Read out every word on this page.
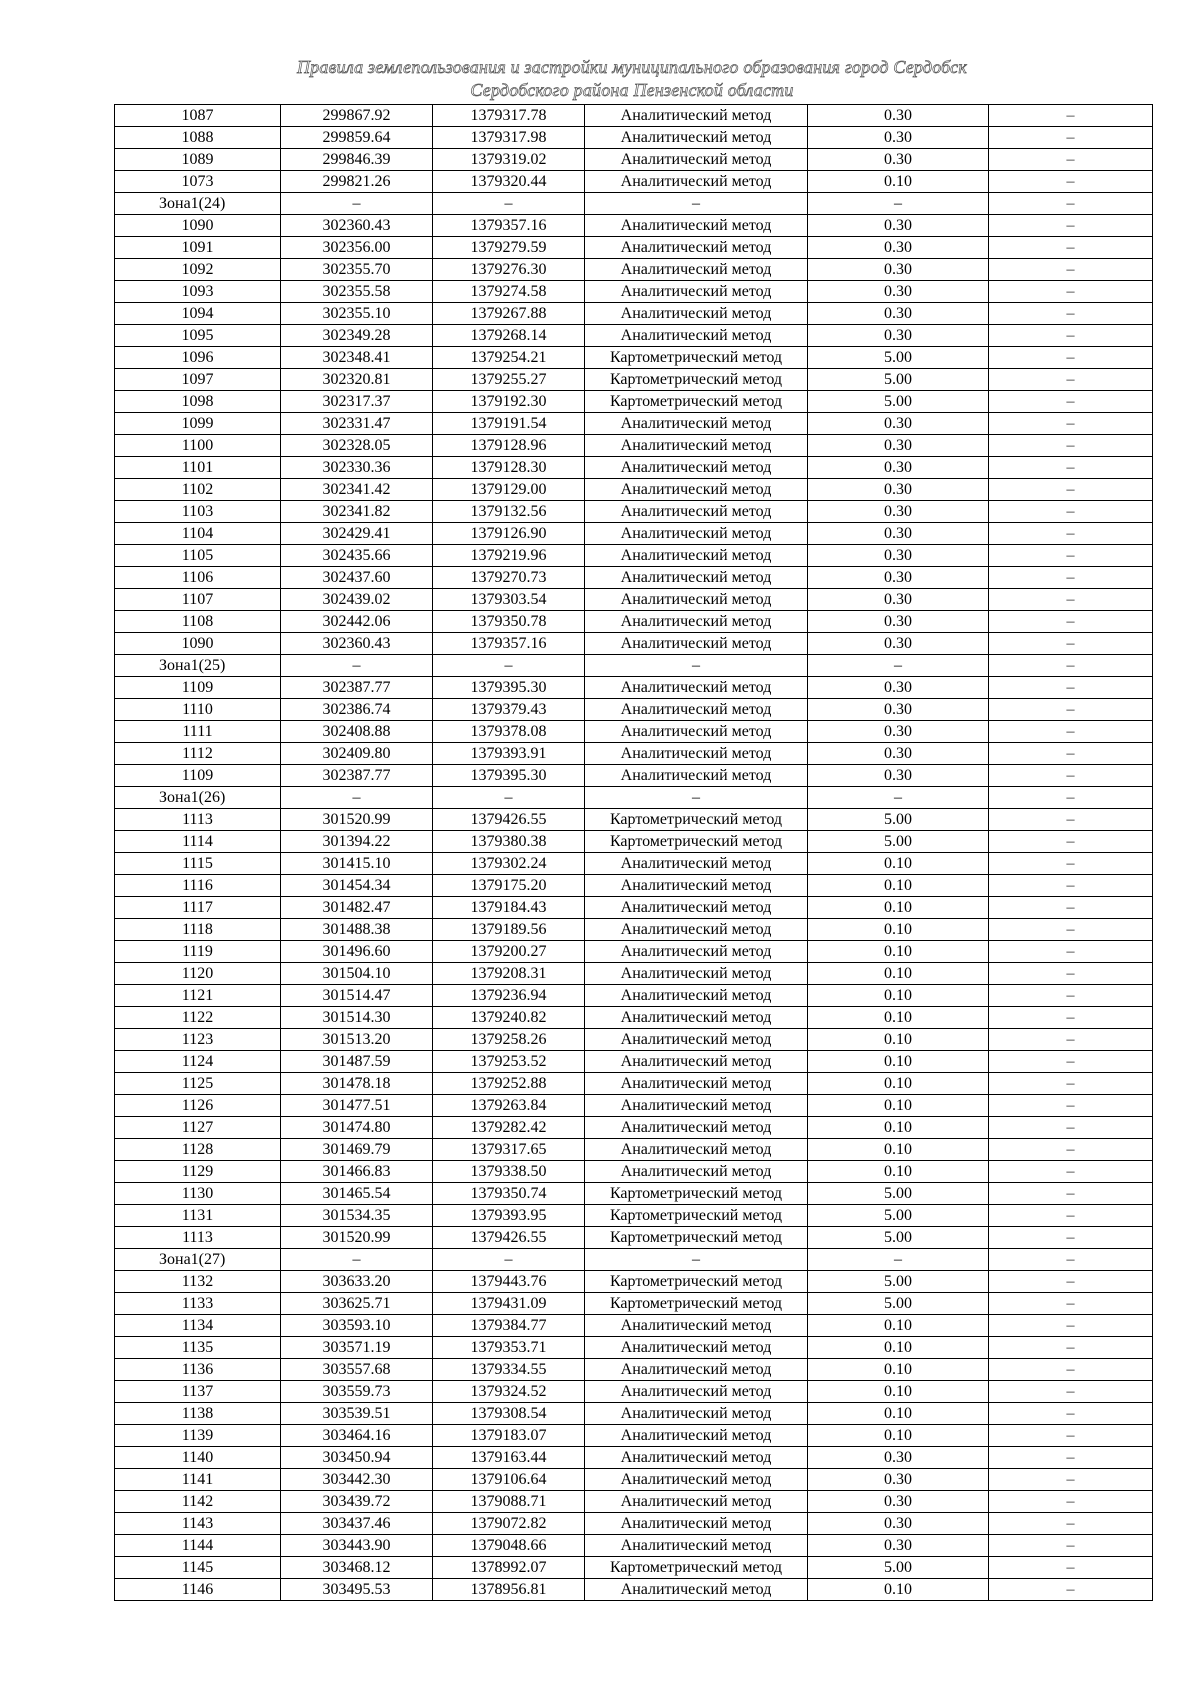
Правила землепользования и застройки муниципального образования город Сердобск
Сердобского района Пензенской области
1087	299867.92	1379317.78	Аналитический метод	0.30	–
1088	299859.64	1379317.98	Аналитический метод	0.30	–
1089	299846.39	1379319.02	Аналитический метод	0.30	–
1073	299821.26	1379320.44	Аналитический метод	0.10	–
Зона1(24)	–	–	–	–	–
1090	302360.43	1379357.16	Аналитический метод	0.30	–
1091	302356.00	1379279.59	Аналитический метод	0.30	–
1092	302355.70	1379276.30	Аналитический метод	0.30	–
1093	302355.58	1379274.58	Аналитический метод	0.30	–
1094	302355.10	1379267.88	Аналитический метод	0.30	–
1095	302349.28	1379268.14	Аналитический метод	0.30	–
1096	302348.41	1379254.21	Картометрический метод	5.00	–
1097	302320.81	1379255.27	Картометрический метод	5.00	–
1098	302317.37	1379192.30	Картометрический метод	5.00	–
1099	302331.47	1379191.54	Аналитический метод	0.30	–
1100	302328.05	1379128.96	Аналитический метод	0.30	–
1101	302330.36	1379128.30	Аналитический метод	0.30	–
1102	302341.42	1379129.00	Аналитический метод	0.30	–
1103	302341.82	1379132.56	Аналитический метод	0.30	–
1104	302429.41	1379126.90	Аналитический метод	0.30	–
1105	302435.66	1379219.96	Аналитический метод	0.30	–
1106	302437.60	1379270.73	Аналитический метод	0.30	–
1107	302439.02	1379303.54	Аналитический метод	0.30	–
1108	302442.06	1379350.78	Аналитический метод	0.30	–
1090	302360.43	1379357.16	Аналитический метод	0.30	–
Зона1(25)	–	–	–	–	–
1109	302387.77	1379395.30	Аналитический метод	0.30	–
1110	302386.74	1379379.43	Аналитический метод	0.30	–
1111	302408.88	1379378.08	Аналитический метод	0.30	–
1112	302409.80	1379393.91	Аналитический метод	0.30	–
1109	302387.77	1379395.30	Аналитический метод	0.30	–
Зона1(26)	–	–	–	–	–
1113	301520.99	1379426.55	Картометрический метод	5.00	–
1114	301394.22	1379380.38	Картометрический метод	5.00	–
1115	301415.10	1379302.24	Аналитический метод	0.10	–
1116	301454.34	1379175.20	Аналитический метод	0.10	–
1117	301482.47	1379184.43	Аналитический метод	0.10	–
1118	301488.38	1379189.56	Аналитический метод	0.10	–
1119	301496.60	1379200.27	Аналитический метод	0.10	–
1120	301504.10	1379208.31	Аналитический метод	0.10	–
1121	301514.47	1379236.94	Аналитический метод	0.10	–
1122	301514.30	1379240.82	Аналитический метод	0.10	–
1123	301513.20	1379258.26	Аналитический метод	0.10	–
1124	301487.59	1379253.52	Аналитический метод	0.10	–
1125	301478.18	1379252.88	Аналитический метод	0.10	–
1126	301477.51	1379263.84	Аналитический метод	0.10	–
1127	301474.80	1379282.42	Аналитический метод	0.10	–
1128	301469.79	1379317.65	Аналитический метод	0.10	–
1129	301466.83	1379338.50	Аналитический метод	0.10	–
1130	301465.54	1379350.74	Картометрический метод	5.00	–
1131	301534.35	1379393.95	Картометрический метод	5.00	–
1113	301520.99	1379426.55	Картометрический метод	5.00	–
Зона1(27)	–	–	–	–	–
1132	303633.20	1379443.76	Картометрический метод	5.00	–
1133	303625.71	1379431.09	Картометрический метод	5.00	–
1134	303593.10	1379384.77	Аналитический метод	0.10	–
1135	303571.19	1379353.71	Аналитический метод	0.10	–
1136	303557.68	1379334.55	Аналитический метод	0.10	–
1137	303559.73	1379324.52	Аналитический метод	0.10	–
1138	303539.51	1379308.54	Аналитический метод	0.10	–
1139	303464.16	1379183.07	Аналитический метод	0.10	–
1140	303450.94	1379163.44	Аналитический метод	0.30	–
1141	303442.30	1379106.64	Аналитический метод	0.30	–
1142	303439.72	1379088.71	Аналитический метод	0.30	–
1143	303437.46	1379072.82	Аналитический метод	0.30	–
1144	303443.90	1379048.66	Аналитический метод	0.30	–
1145	303468.12	1378992.07	Картометрический метод	5.00	–
1146	303495.53	1378956.81	Аналитический метод	0.10	–
